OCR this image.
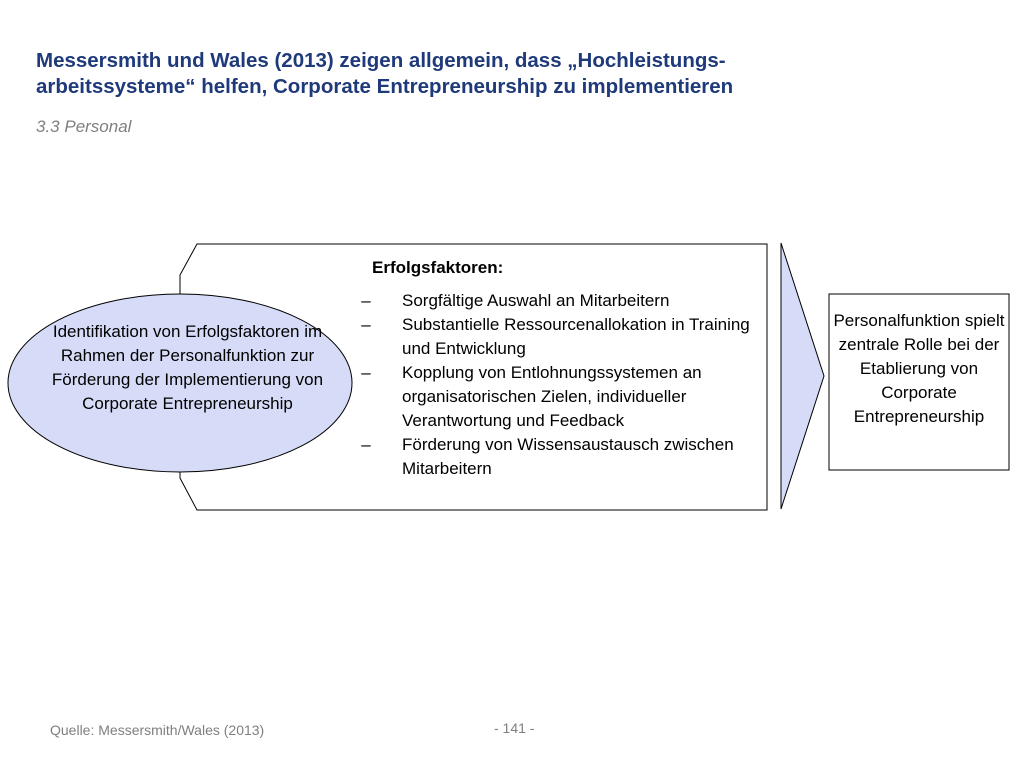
Messersmith und Wales (2013) zeigen allgemein, dass „Hochleistungs-arbeitssysteme“ helfen, Corporate Entrepreneurship zu implementieren
3.3 Personal
Identifikation von Erfolgsfaktoren im Rahmen der Personalfunktion zur Förderung der Implementierung von Corporate Entrepreneurship
Erfolgsfaktoren:
–	Sorgfältige Auswahl an Mitarbeitern
–	Substantielle Ressourcenallokation in Training und Entwicklung
–	Kopplung von Entlohnungssystemen an organisatorischen Zielen, individueller Verantwortung und Feedback
–	Förderung von Wissensaustausch zwischen Mitarbeitern
Personalfunktion spielt zentrale Rolle bei der Etablierung von Corporate Entrepreneurship
Quelle: Messersmith/Wales (2013)	- 141 -
